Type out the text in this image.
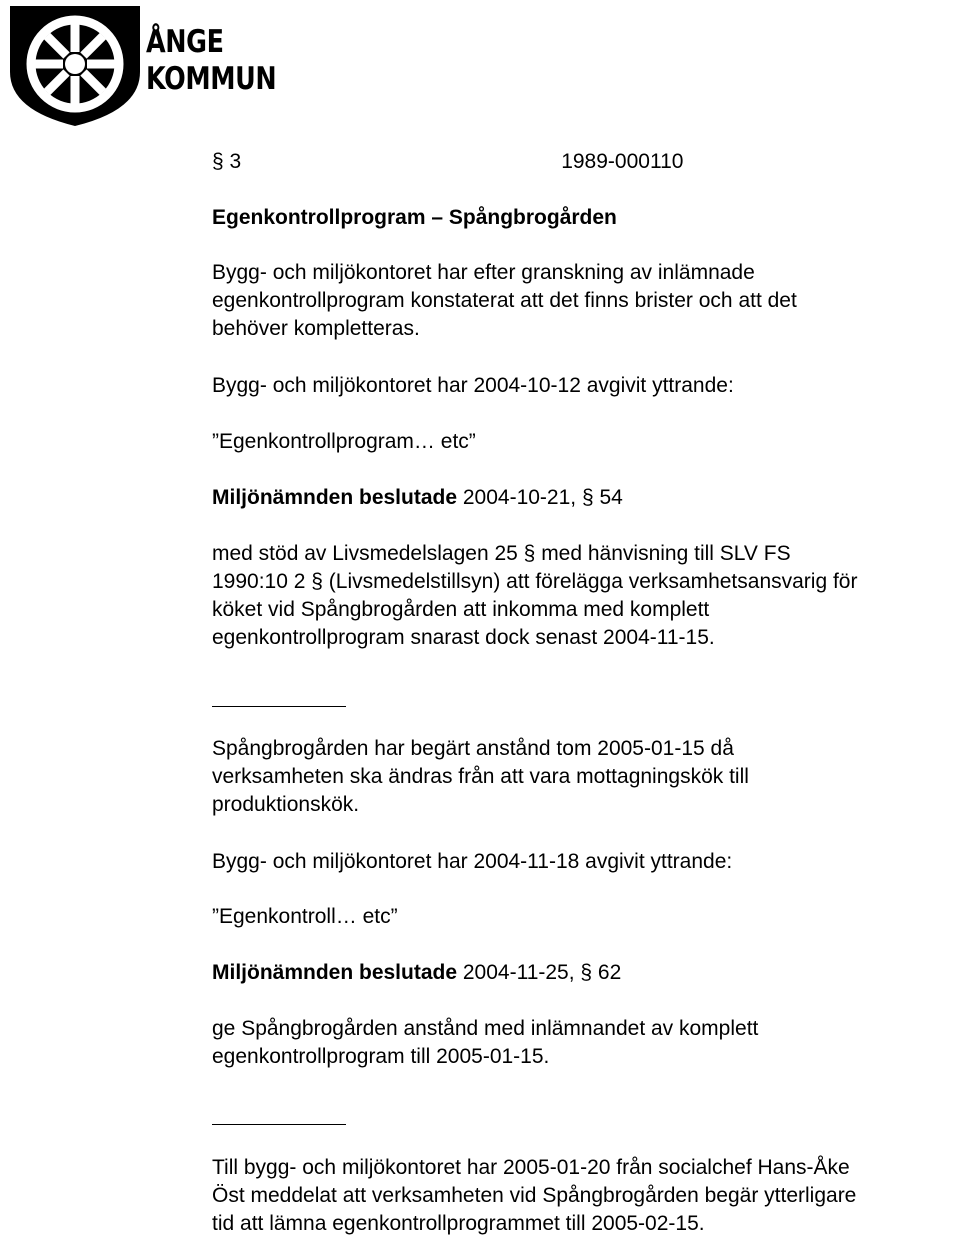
ÅNGE
KOMMUN
§ 3	1989-000110
Egenkontrollprogram – Spångbrogården
Bygg- och miljökontoret har efter granskning av inlämnade
egenkontrollprogram konstaterat att det finns brister och att det
behöver kompletteras.
Bygg- och miljökontoret har 2004-10-12 avgivit yttrande:
”Egenkontrollprogram… etc”
Miljönämnden beslutade 2004-10-21, § 54
med stöd av Livsmedelslagen 25 § med hänvisning till SLV FS
1990:10 2 § (Livsmedelstillsyn) att förelägga verksamhetsansvarig för
köket vid Spångbrogården att inkomma med komplett
egenkontrollprogram snarast dock senast 2004-11-15.
Spångbrogården har begärt anstånd tom 2005-01-15 då
verksamheten ska ändras från att vara mottagningskök till
produktionskök.
Bygg- och miljökontoret har 2004-11-18 avgivit yttrande:
”Egenkontroll… etc”
Miljönämnden beslutade 2004-11-25, § 62
ge Spångbrogården anstånd med inlämnandet av komplett
egenkontrollprogram till 2005-01-15.
Till bygg- och miljökontoret har 2005-01-20 från socialchef Hans-Åke
Öst meddelat att verksamheten vid Spångbrogården begär ytterligare
tid att lämna egenkontrollprogrammet till 2005-02-15.
